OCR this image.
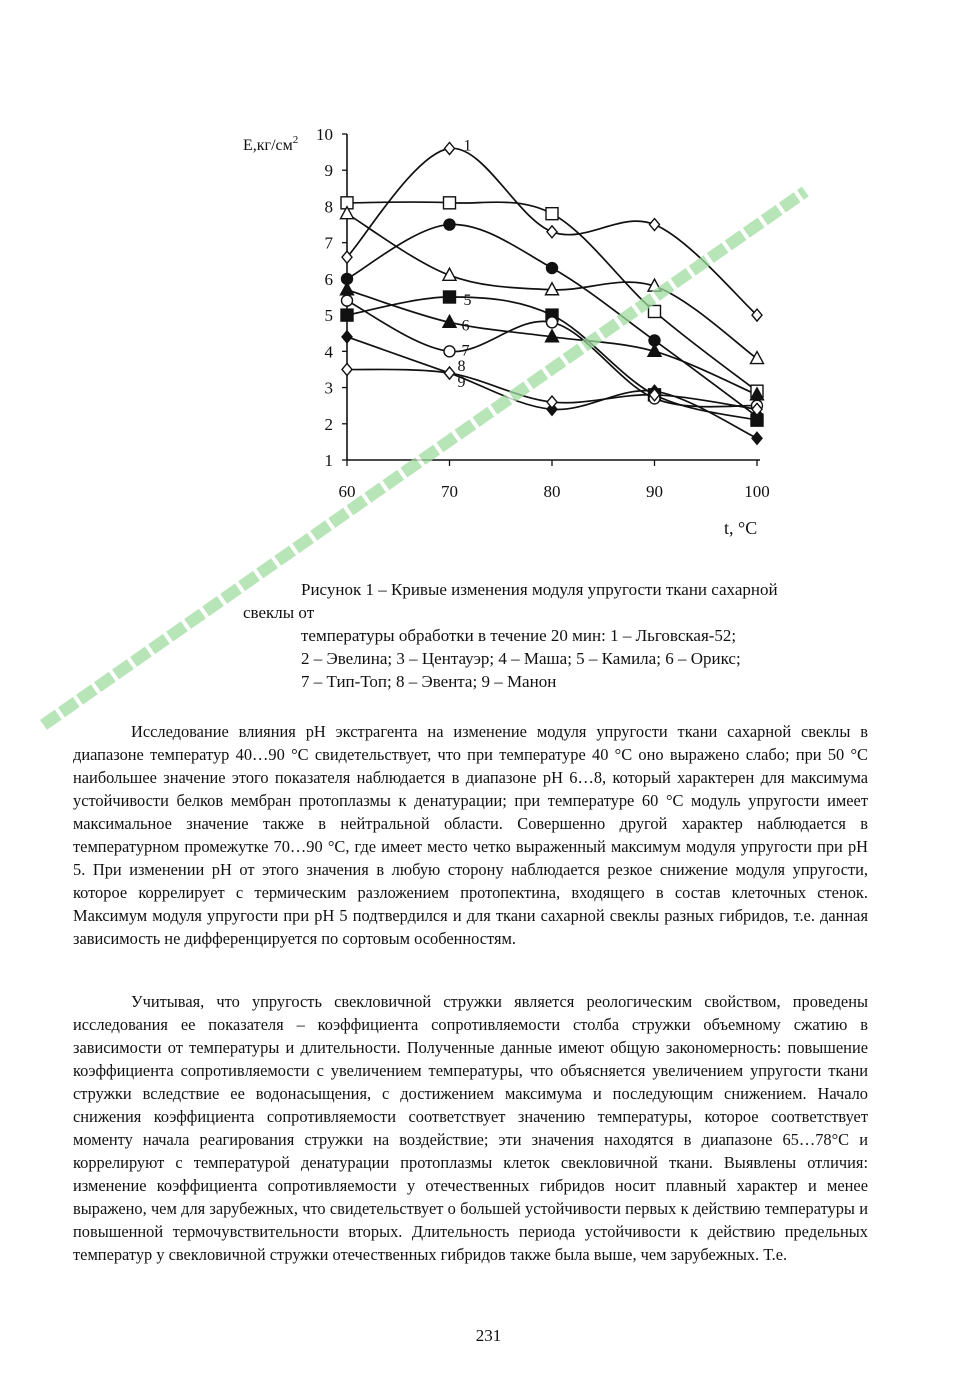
60	70	80	90	100
1
2
3
4
5
6
7
8
9
10
1
5
6
7
8
9
$E,кг/см^2$
t, °C
Рисунок 1 – Кривые изменения модуля упругости ткани сахарной
свеклы от
температуры обработки в течение 20 мин: 1 – Льговская-52;
2 – Эвелина; 3 – Центауэр; 4 – Маша; 5 – Камила; 6 – Орикс;
7 – Тип-Топ; 8 – Эвента; 9 – Манон

Исследование влияния рН экстрагента на изменение модуля упругости ткани сахарной свеклы в диапазоне температур 40…90 °С свидетельствует, что при температуре 40 °С оно выражено слабо; при 50 °С наибольшее значение этого показателя наблюдается в диапазоне рН 6…8, который характерен для максимума устойчивости белков мембран протоплазмы к денатурации; при температуре 60 °С модуль упругости имеет максимальное значение также в нейтральной области. Совершенно другой характер наблюдается в температурном промежутке 70…90 °С, где имеет место четко выраженный максимум модуля упругости при рН 5. При изменении рН от этого значения в любую сторону наблюдается резкое снижение модуля упругости, которое коррелирует с термическим разложением протопектина, входящего в состав клеточных стенок. Максимум модуля упругости при рН 5 подтвердился и для ткани сахарной свеклы разных гибридов, т.е. данная зависимость не дифференцируется по сортовым особенностям.

Учитывая, что упругость свекловичной стружки является реологическим свойством, проведены исследования ее показателя – коэффициента сопротивляемости столба стружки объемному сжатию в зависимости от температуры и длительности. Полученные данные имеют общую закономерность: повышение коэффициента сопротивляемости с увеличением температуры, что объясняется увеличением упругости ткани стружки вследствие ее водонасыщения, с достижением максимума и последующим снижением. Начало снижения коэффициента сопротивляемости соответствует значению температуры, которое соответствует моменту начала реагирования стружки на воздействие; эти значения находятся в диапазоне 65…78°С и коррелируют с температурой денатурации протоплазмы клеток свекловичной ткани. Выявлены отличия: изменение коэффициента сопротивляемости у отечественных гибридов носит плавный характер и менее выражено, чем для зарубежных, что свидетельствует о большей устойчивости первых к действию температуры и повышенной термочувствительности вторых. Длительность периода устойчивости к действию предельных температур у свекловичной стружки отечественных гибридов также была выше, чем зарубежных. Т.е.

231
